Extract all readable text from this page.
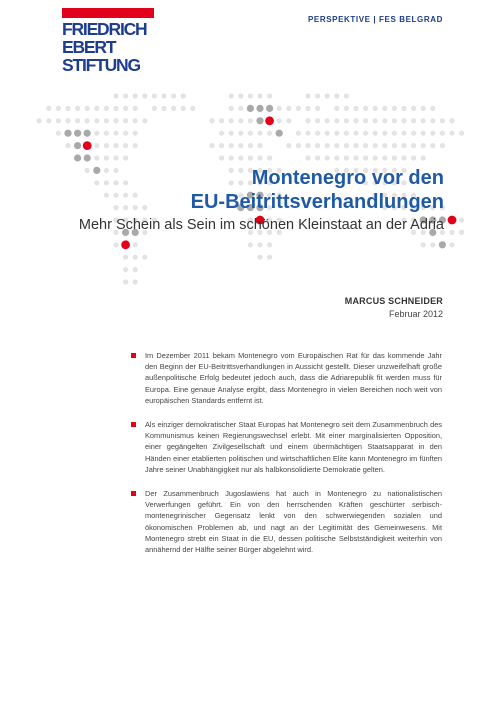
FRIEDRICH
EBERT
STIFTUNG
PERSPEKTIVE | FES BELGRAD
Montenegro vor den
EU-Beitrittsverhandlungen
Mehr Schein als Sein im schönen Kleinstaat an der Adria
MARCUS SCHNEIDER
Februar 2012
Im Dezember 2011 bekam Montenegro vom Europäischen Rat für das kommende Jahr den Beginn der EU-Beitrittsverhandlungen in Aussicht gestellt. Dieser unzweifelhaft große außenpolitische Erfolg bedeutet jedoch auch, dass die Adriarepublik fit werden muss für Europa. Eine genaue Analyse ergibt, dass Montenegro in vielen Bereichen noch weit von europäischen Standards entfernt ist.
Als einziger demokratischer Staat Europas hat Montenegro seit dem Zusammenbruch des Kommunismus keinen Regierungswechsel erlebt. Mit einer marginalisierten Opposition, einer gegängelten Zivilgesellschaft und einem übermächtigen Staatsapparat in den Händen einer etablierten politischen und wirtschaftlichen Elite kann Montenegro im fünften Jahre seiner Unabhängigkeit nur als halbkonsolidierte Demokratie gelten.
Der Zusammenbruch Jugoslawiens hat auch in Montenegro zu nationalistischen Verwerfungen geführt. Ein von den herrschenden Kräften geschürter serbisch-montenegrinischer Gegensatz lenkt von den schwerwiegenden sozialen und ökonomischen Problemen ab, und nagt an der Legitimität des Gemeinwesens. Mit Montenegro strebt ein Staat in die EU, dessen politische Selbstständigkeit weiterhin von annähernd der Hälfte seiner Bürger abgelehnt wird.
